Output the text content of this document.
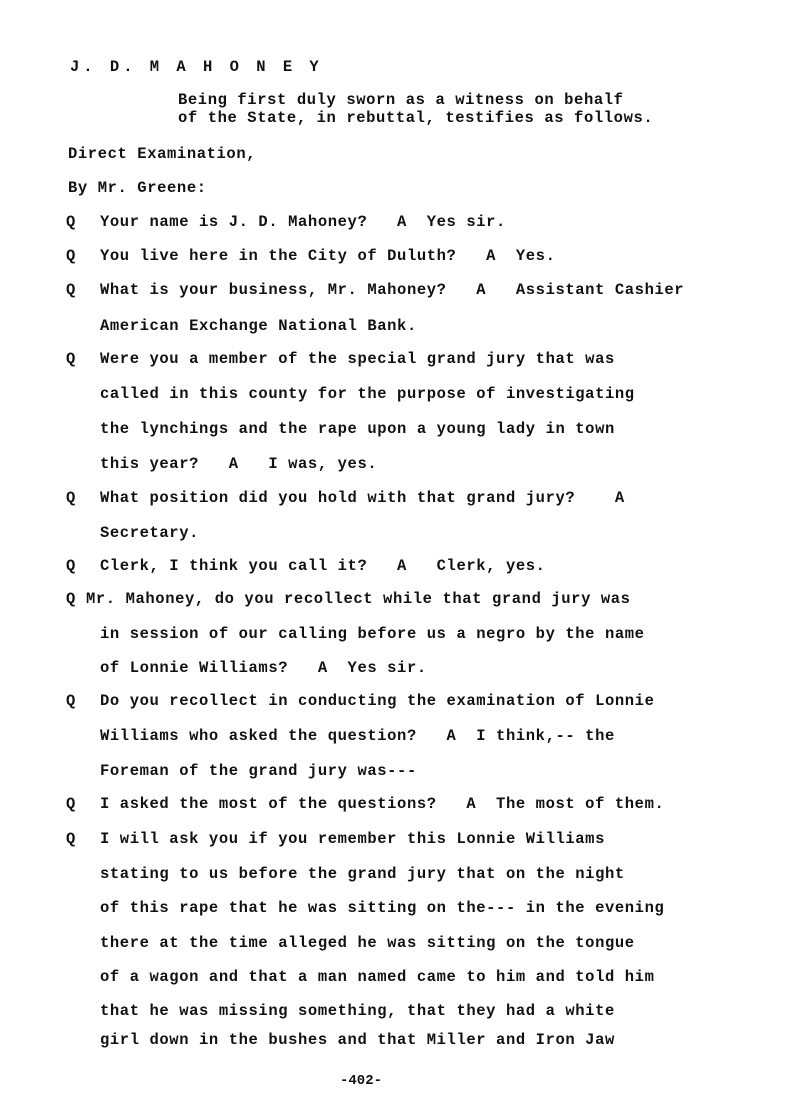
J. D. M A H O N E Y
Being first duly sworn as a witness on behalf
of the State, in rebuttal, testifies as follows.
Direct Examination,
By Mr. Greene:
Q Your name is J. D. Mahoney?   A  Yes sir.
Q You live here in the City of Duluth?   A  Yes.
Q What is your business, Mr. Mahoney?   A   Assistant Cashier
American Exchange National Bank.
Q Were you a member of the special grand jury that was
called in this county for the purpose of investigating
the lynchings and the rape upon a young lady in town
this year?   A   I was, yes.
Q What position did you hold with that grand jury?    A
Secretary.
Q Clerk, I think you call it?   A   Clerk, yes.
Q Mr. Mahoney, do you recollect while that grand jury was
in session of our calling before us a negro by the name
of Lonnie Williams?   A  Yes sir.
Q Do you recollect in conducting the examination of Lonnie
Williams who asked the question?   A  I think,-- the
Foreman of the grand jury was---
Q I asked the most of the questions?   A  The most of them.
Q I will ask you if you remember this Lonnie Williams
stating to us before the grand jury that on the night
of this rape that he was sitting on the--- in the evening
there at the time alleged he was sitting on the tongue
of a wagon and that a man named came to him and told him
that he was missing something, that they had a white
girl down in the bushes and that Miller and Iron Jaw
-402-
